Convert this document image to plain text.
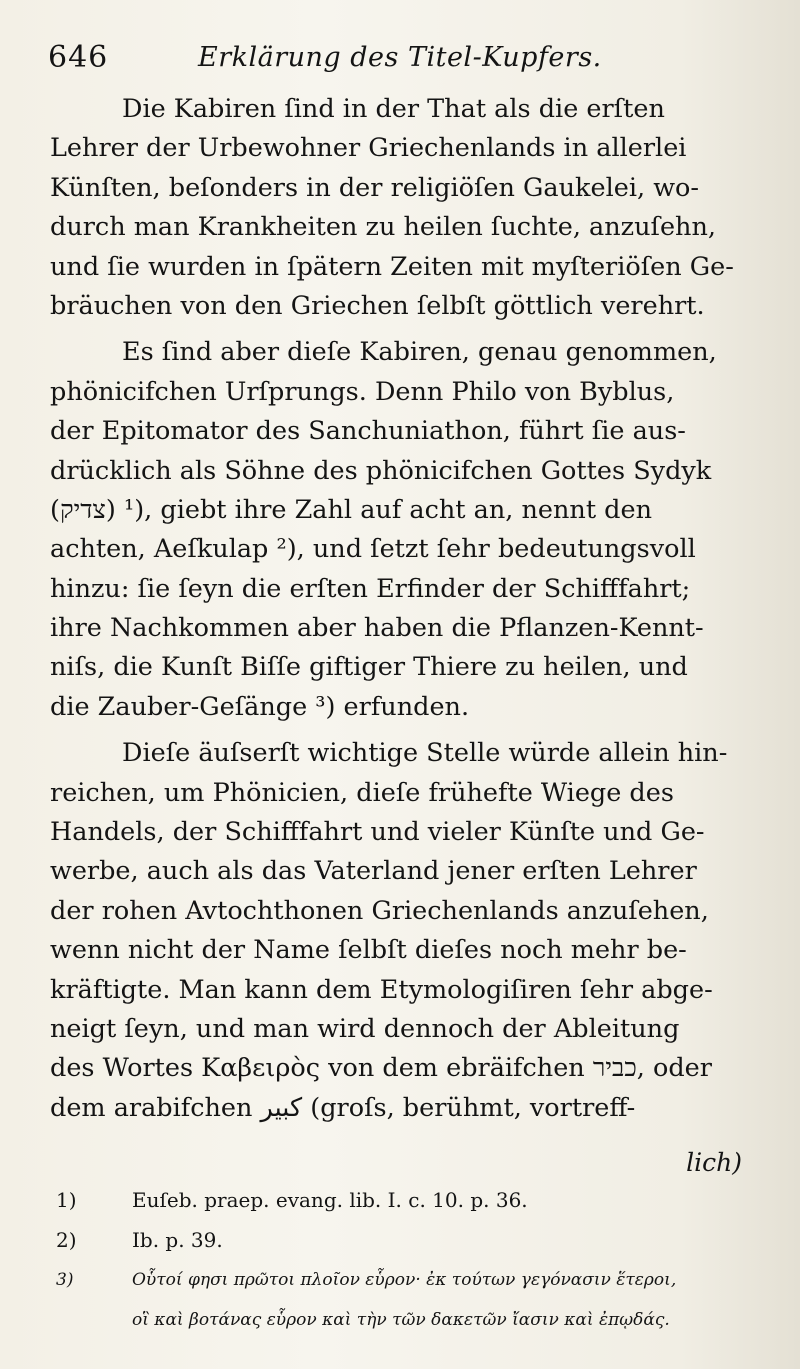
646	Erklärung des Titel-Kupfers.
Die Kabiren ſind in der That als die erſten
Lehrer der Urbewohner Griechenlands in allerlei
Künſten, beſonders in der religiöſen Gaukelei, wo-
durch man Krankheiten zu heilen ſuchte, anzuſehn,
und ſie wurden in ſpätern Zeiten mit myſteriöſen Ge-
bräuchen von den Griechen ſelbſt göttlich verehrt.
Es ſind aber dieſe Kabiren, genau genommen,
phönicifchen Urſprungs. Denn Philo von Byblus,
der Epitomator des Sanchuniathon, führt ſie aus-
drücklich als Söhne des phönicifchen Gottes Sydyk
(צדיק) ¹), giebt ihre Zahl auf acht an, nennt den
achten, Aeſkulap ²), und ſetzt ſehr bedeutungsvoll
hinzu: ſie ſeyn die erſten Erfinder der Schifffahrt;
ihre Nachkommen aber haben die Pflanzen-Kennt-
niſs, die Kunſt Biſſe giftiger Thiere zu heilen, und
die Zauber-Geſänge ³) erfunden.
Dieſe äuſserſt wichtige Stelle würde allein hin-
reichen, um Phönicien, dieſe frühefte Wiege des
Handels, der Schifffahrt und vieler Künſte und Ge-
werbe, auch als das Vaterland jener erſten Lehrer
der rohen Avtochthonen Griechenlands anzuſehen,
wenn nicht der Name ſelbſt dieſes noch mehr be-
kräftigte. Man kann dem Etymologiſiren ſehr abge-
neigt ſeyn, und man wird dennoch der Ableitung
des Wortes Καβειρὸς von dem ebräifchen כביר, oder
dem arabifchen كبير (groſs, berühmt, vortreff-
lich)
1)	Euſeb. praep. evang. lib. I. c. 10. p. 36.
2)	Ib. p. 39.
3)	Οὗτοί φησι πρῶτοι πλοῖον εὗρον· ἐκ τούτων γεγόνασιν ἕτεροι,
οἳ καὶ βοτάνας εὗρον καὶ τὴν τῶν δακετῶν ἴασιν καὶ ἐπῳδάς.
